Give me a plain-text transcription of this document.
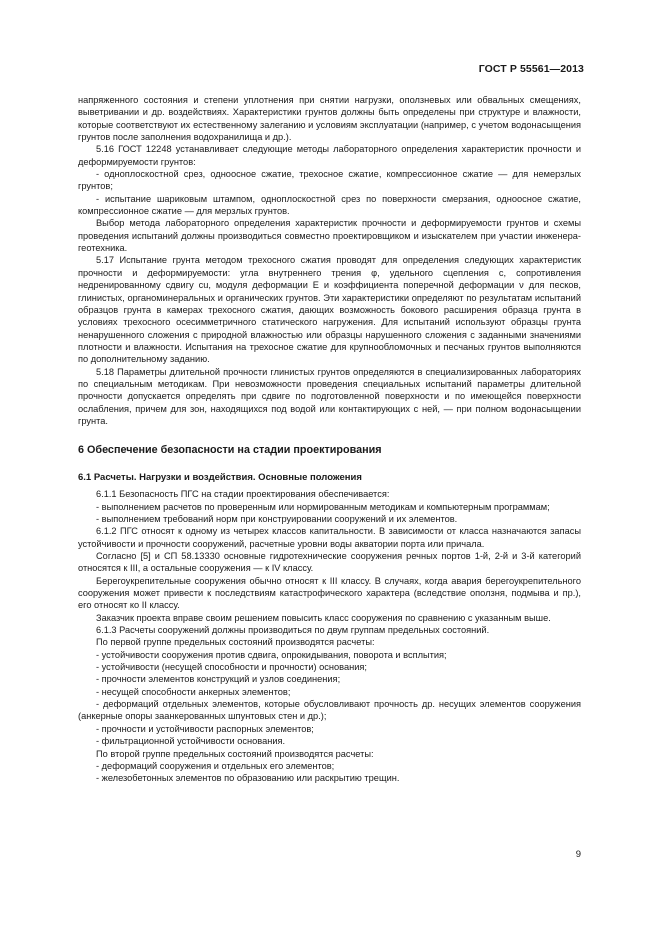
ГОСТ Р 55561—2013

напряженного состояния и степени уплотнения при снятии нагрузки, оползневых или обвальных смещениях, выветривании и др. воздействиях. Характеристики грунтов должны быть определены при структуре и влажности, которые соответствуют их естественному залеганию и условиям эксплуатации (например, с учетом водонасыщения грунтов после заполнения водохранилища и др.).

5.16 ГОСТ 12248 устанавливает следующие методы лабораторного определения характеристик прочности и деформируемости грунтов:

- одноплоскостной срез, одноосное сжатие, трехосное сжатие, компрессионное сжатие — для немерзлых грунтов;

- испытание шариковым штампом, одноплоскостной срез по поверхности смерзания, одноосное сжатие, компрессионное сжатие — для мерзлых грунтов.

Выбор метода лабораторного определения характеристик прочности и деформируемости грунтов и схемы проведения испытаний должны производиться совместно проектировщиком и изыскателем при участии инженера-геотехника.

5.17 Испытание грунта методом трехосного сжатия проводят для определения следующих характеристик прочности и деформируемости: угла внутреннего трения φ, удельного сцепления c, сопротивления недренированному сдвигу cu, модуля деформации E и коэффициента поперечной деформации ν для песков, глинистых, органоминеральных и органических грунтов. Эти характеристики определяют по результатам испытаний образцов грунта в камерах трехосного сжатия, дающих возможность бокового расширения образца грунта в условиях трехосного осесимметричного статического нагружения. Для испытаний используют образцы грунта ненарушенного сложения с природной влажностью или образцы нарушенного сложения с заданными значениями плотности и влажности. Испытания на трехосное сжатие для крупнообломочных и песчаных грунтов выполняются по дополнительному заданию.

5.18 Параметры длительной прочности глинистых грунтов определяются в специализированных лабораториях по специальным методикам. При невозможности проведения специальных испытаний параметры длительной прочности допускается определять при сдвиге по подготовленной поверхности и по имеющейся поверхности ослабления, причем для зон, находящихся под водой или контактирующих с ней, — при полном водонасыщении грунта.

6 Обеспечение безопасности на стадии проектирования

6.1 Расчеты. Нагрузки и воздействия. Основные положения

6.1.1 Безопасность ПГС на стадии проектирования обеспечивается:

- выполнением расчетов по проверенным или нормированным методикам и компьютерным программам;

- выполнением требований норм при конструировании сооружений и их элементов.

6.1.2 ПГС относят к одному из четырех классов капитальности. В зависимости от класса назначаются запасы устойчивости и прочности сооружений, расчетные уровни воды акватории порта или причала.

Согласно [5] и СП 58.13330 основные гидротехнические сооружения речных портов 1-й, 2-й и 3-й категорий относятся к III, а остальные сооружения — к IV классу.

Берегоукрепительные сооружения обычно относят к III классу. В случаях, когда авария берегоукрепительного сооружения может привести к последствиям катастрофического характера (вследствие оползня, подмыва и пр.), его относят ко II классу.

Заказчик проекта вправе своим решением повысить класс сооружения по сравнению с указанным выше.

6.1.3 Расчеты сооружений должны производиться по двум группам предельных состояний.

По первой группе предельных состояний производятся расчеты:

- устойчивости сооружения против сдвига, опрокидывания, поворота и всплытия;

- устойчивости (несущей способности и прочности) основания;

- прочности элементов конструкций и узлов соединения;

- несущей способности анкерных элементов;

- деформаций отдельных элементов, которые обусловливают прочность др. несущих элементов сооружения (анкерные опоры заанкерованных шпунтовых стен и др.);

- прочности и устойчивости распорных элементов;

- фильтрационной устойчивости основания.

По второй группе предельных состояний производятся расчеты:

- деформаций сооружения и отдельных его элементов;

- железобетонных элементов по образованию или раскрытию трещин.

9
